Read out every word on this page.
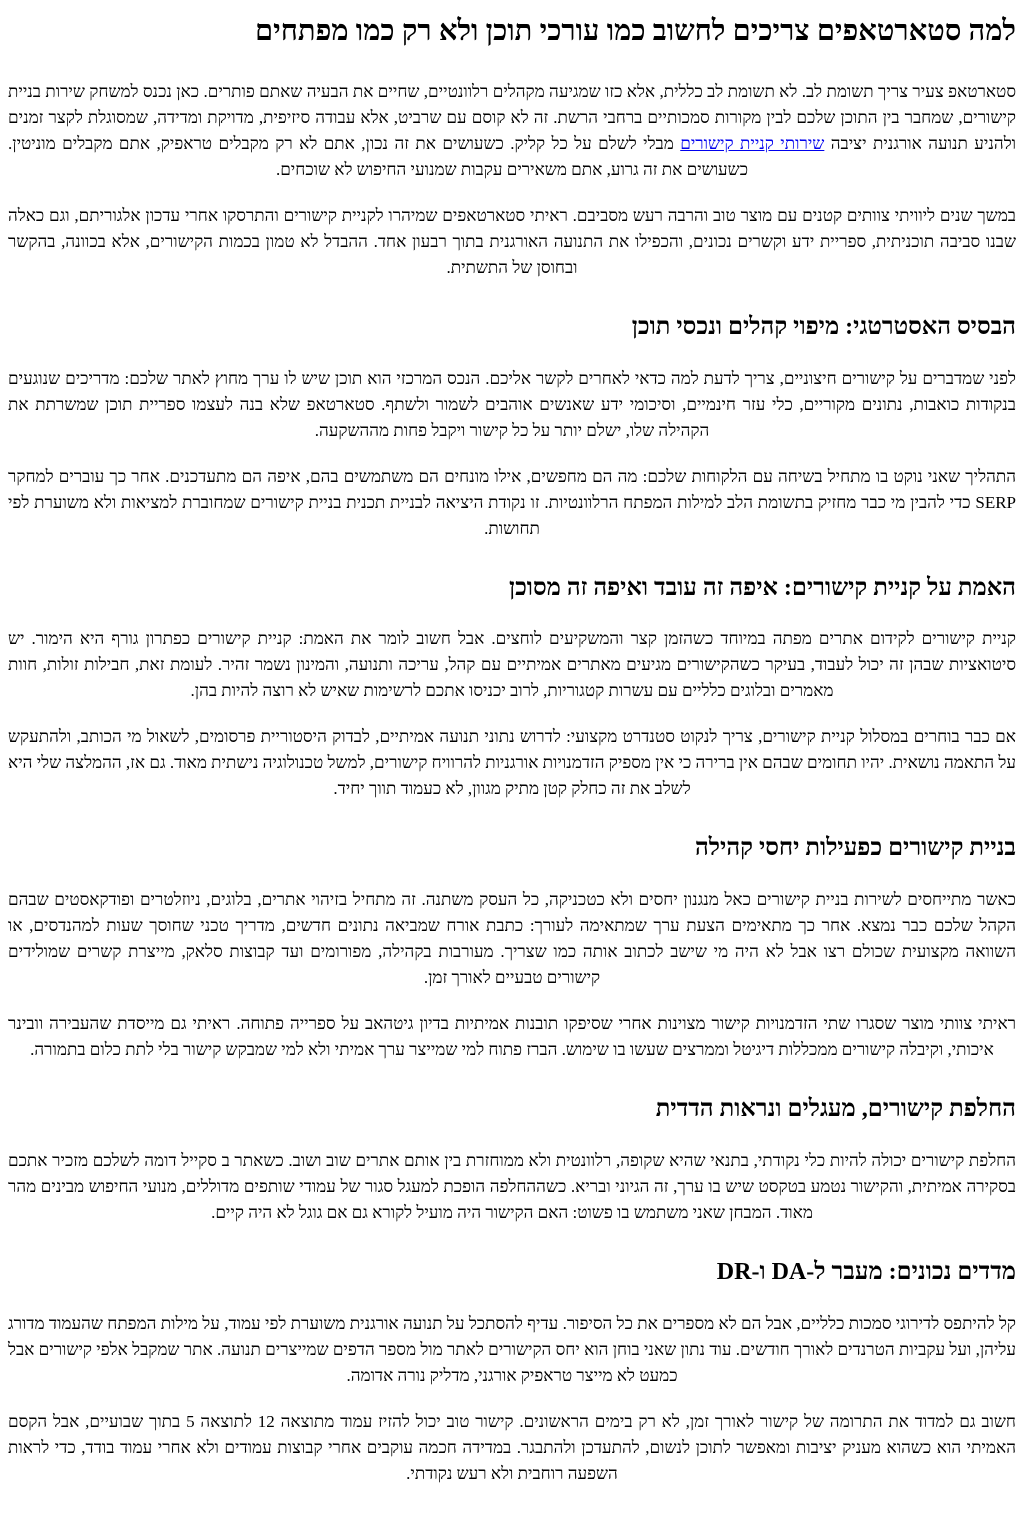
למה סטארטאפים צריכים לחשוב כמו עורכי תוכן ולא רק כמו מפתחים

סטארטאפ צעיר צריך תשומת לב. לא תשומת לב כללית, אלא כזו שמגיעה מקהלים רלוונטיים, שחיים את הבעיה שאתם פותרים. כאן נכנס למשחק שירות בניית קישורים, שמחבר בין התוכן שלכם לבין מקורות סמכותיים ברחבי הרשת. זה לא קוסם עם שרביט, אלא עבודה סיזיפית, מדויקת ומדידה, שמסוגלת לקצר זמנים ולהניע תנועה אורגנית יציבה שירותי קניית קישורים מבלי לשלם על כל קליק. כשעושים את זה נכון, אתם לא רק מקבלים טראפיק, אתם מקבלים מוניטין. כשעושים את זה גרוע, אתם משאירים עקבות שמנועי החיפוש לא שוכחים.

במשך שנים ליוויתי צוותים קטנים עם מוצר טוב והרבה רעש מסביבם. ראיתי סטארטאפים שמיהרו לקניית קישורים והתרסקו אחרי עדכון אלגוריתם, וגם כאלה שבנו סביבה תוכניתית, ספריית ידע וקשרים נכונים, והכפילו את התנועה האורגנית בתוך רבעון אחד. ההבדל לא טמון בכמות הקישורים, אלא בכוונה, בהקשר ובחוסן של התשתית.

הבסיס האסטרטגי: מיפוי קהלים ונכסי תוכן

לפני שמדברים על קישורים חיצוניים, צריך לדעת למה כדאי לאחרים לקשר אליכם. הנכס המרכזי הוא תוכן שיש לו ערך מחוץ לאתר שלכם: מדריכים שנוגעים בנקודות כואבות, נתונים מקוריים, כלי עזר חינמיים, וסיכומי ידע שאנשים אוהבים לשמור ולשתף. סטארטאפ שלא בנה לעצמו ספריית תוכן שמשרתת את הקהילה שלו, ישלם יותר על כל קישור ויקבל פחות מההשקעה.

התהליך שאני נוקט בו מתחיל בשיחה עם הלקוחות שלכם: מה הם מחפשים, אילו מונחים הם משתמשים בהם, איפה הם מתעדכנים. אחר כך עוברים למחקר SERP כדי להבין מי כבר מחזיק בתשומת הלב למילות המפתח הרלוונטיות. זו נקודת היציאה לבניית תכנית בניית קישורים שמחוברת למציאות ולא משוערת לפי תחושות.

האמת על קניית קישורים: איפה זה עובד ואיפה זה מסוכן

קניית קישורים לקידום אתרים מפתה במיוחד כשהזמן קצר והמשקיעים לוחצים. אבל חשוב לומר את האמת: קניית קישורים כפתרון גורף היא הימור. יש סיטואציות שבהן זה יכול לעבוד, בעיקר כשהקישורים מגיעים מאתרים אמיתיים עם קהל, עריכה ותנועה, והמינון נשמר זהיר. לעומת זאת, חבילות זולות, חוות מאמרים ובלוגים כלליים עם עשרות קטגוריות, לרוב יכניסו אתכם לרשימות שאיש לא רוצה להיות בהן.

אם כבר בוחרים במסלול קניית קישורים, צריך לנקוט סטנדרט מקצועי: לדרוש נתוני תנועה אמיתיים, לבדוק היסטוריית פרסומים, לשאול מי הכותב, ולהתעקש על התאמה נושאית. יהיו תחומים שבהם אין ברירה כי אין מספיק הזדמנויות אורגניות להרוויח קישורים, למשל טכנולוגיה נישתית מאוד. גם אז, ההמלצה שלי היא לשלב את זה כחלק קטן מתיק מגוון, לא כעמוד תווך יחיד.

בניית קישורים כפעילות יחסי קהילה

כאשר מתייחסים לשירות בניית קישורים כאל מנגנון יחסים ולא כטכניקה, כל העסק משתנה. זה מתחיל בזיהוי אתרים, בלוגים, ניוזלטרים ופודקאסטים שבהם הקהל שלכם כבר נמצא. אחר כך מתאימים הצעת ערך שמתאימה לעורך: כתבת אורח שמביאה נתונים חדשים, מדריך טכני שחוסך שעות למהנדסים, או השוואה מקצועית שכולם רצו אבל לא היה מי שישב לכתוב אותה כמו שצריך. מעורבות בקהילה, מפורומים ועד קבוצות סלאק, מייצרת קשרים שמולידים קישורים טבעיים לאורך זמן.

ראיתי צוותי מוצר שסגרו שתי הזדמנויות קישור מצוינות אחרי שסיפקו תובנות אמיתיות בדיון גיטהאב על ספרייה פתוחה. ראיתי גם מייסדת שהעבירה וובינר איכותי, וקיבלה קישורים ממכללות דיגיטל וממרצים שעשו בו שימוש. הברז פתוח למי שמייצר ערך אמיתי ולא למי שמבקש קישור בלי לתת כלום בתמורה.

החלפת קישורים, מעגלים ונראות הדדית

החלפת קישורים יכולה להיות כלי נקודתי, בתנאי שהיא שקופה, רלוונטית ולא ממוחזרת בין אותם אתרים שוב ושוב. כשאתר ב סקייל דומה לשלכם מזכיר אתכם בסקירה אמיתית, והקישור נטמע בטקסט שיש בו ערך, זה הגיוני ובריא. כשההחלפה הופכת למעגל סגור של עמודי שותפים מדוללים, מנועי החיפוש מבינים מהר מאוד. המבחן שאני משתמש בו פשוט: האם הקישור היה מועיל לקורא גם אם גוגל לא היה קיים.

מדדים נכונים: מעבר ל-DA ו-DR

קל להיתפס לדירוגי סמכות כלליים, אבל הם לא מספרים את כל הסיפור. עדיף להסתכל על תנועה אורגנית משוערת לפי עמוד, על מילות המפתח שהעמוד מדורג עליהן, ועל עקביות הטרנדים לאורך חודשים. עוד נתון שאני בוחן הוא יחס הקישורים לאתר מול מספר הדפים שמייצרים תנועה. אתר שמקבל אלפי קישורים אבל כמעט לא מייצר טראפיק אורגני, מדליק נורה אדומה.

חשוב גם למדוד את התרומה של קישור לאורך זמן, לא רק בימים הראשונים. קישור טוב יכול להזיז עמוד מתוצאה 12 לתוצאה 5 בתוך שבועיים, אבל הקסם האמיתי הוא כשהוא מעניק יציבות ומאפשר לתוכן לנשום, להתעדכן ולהתבגר. במדידה חכמה עוקבים אחרי קבוצות עמודים ולא אחרי עמוד בודד, כדי לראות השפעה רוחבית ולא רעש נקודתי.
